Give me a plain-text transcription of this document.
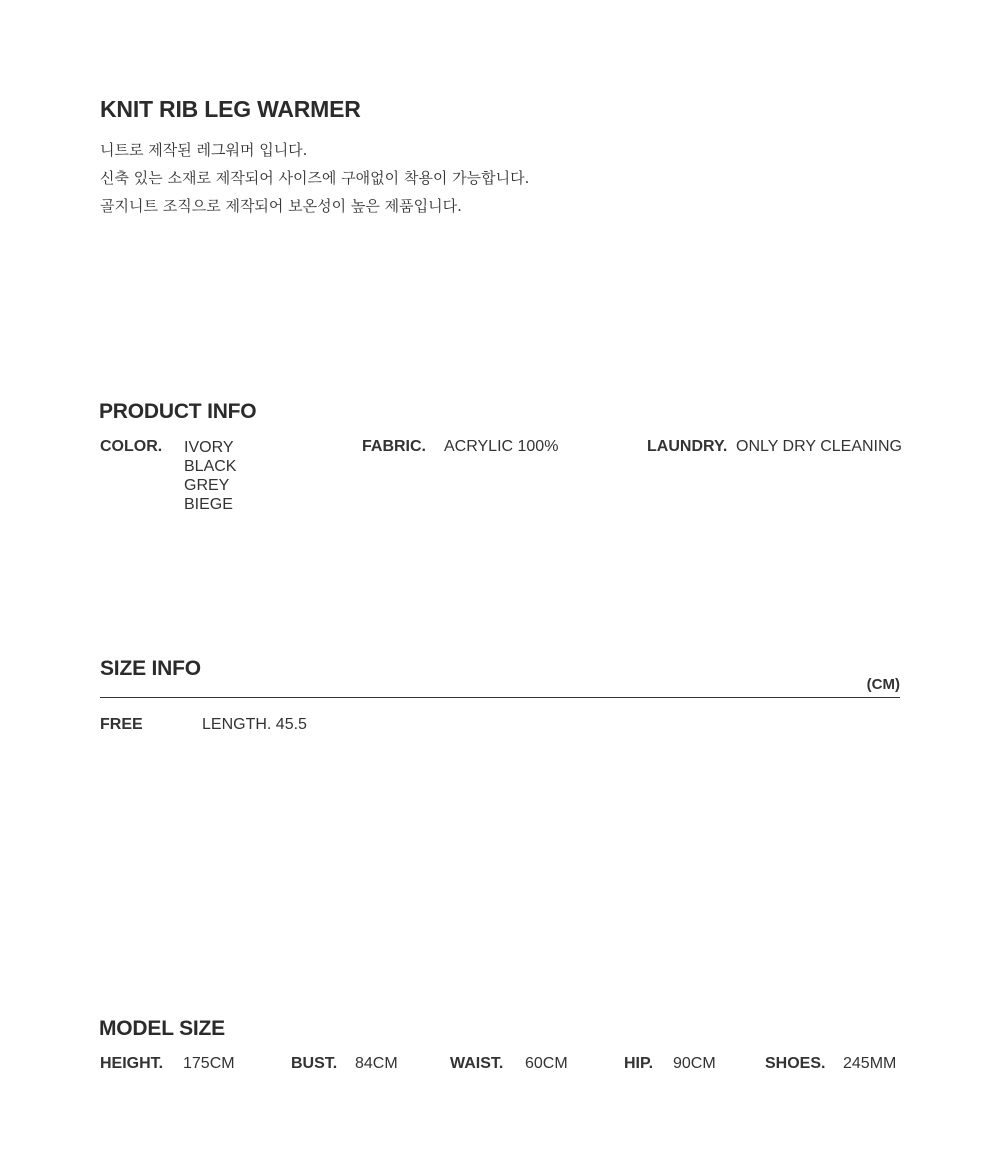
KNIT RIB LEG WARMER
니트로 제작된 레그워머 입니다.
신축 있는 소재로 제작되어 사이즈에 구애없이 착용이 가능합니다.
골지니트 조직으로 제작되어 보온성이 높은 제품입니다.
PRODUCT INFO
COLOR. IVORY
BLACK
GREY
BIEGE
FABRIC. ACRYLIC 100%	LAUNDRY. ONLY DRY CLEANING
SIZE INFO
(CM)
FREE	LENGTH. 45.5
MODEL SIZE
HEIGHT. 175CM	BUST. 84CM	WAIST. 60CM	HIP. 90CM	SHOES. 245MM
